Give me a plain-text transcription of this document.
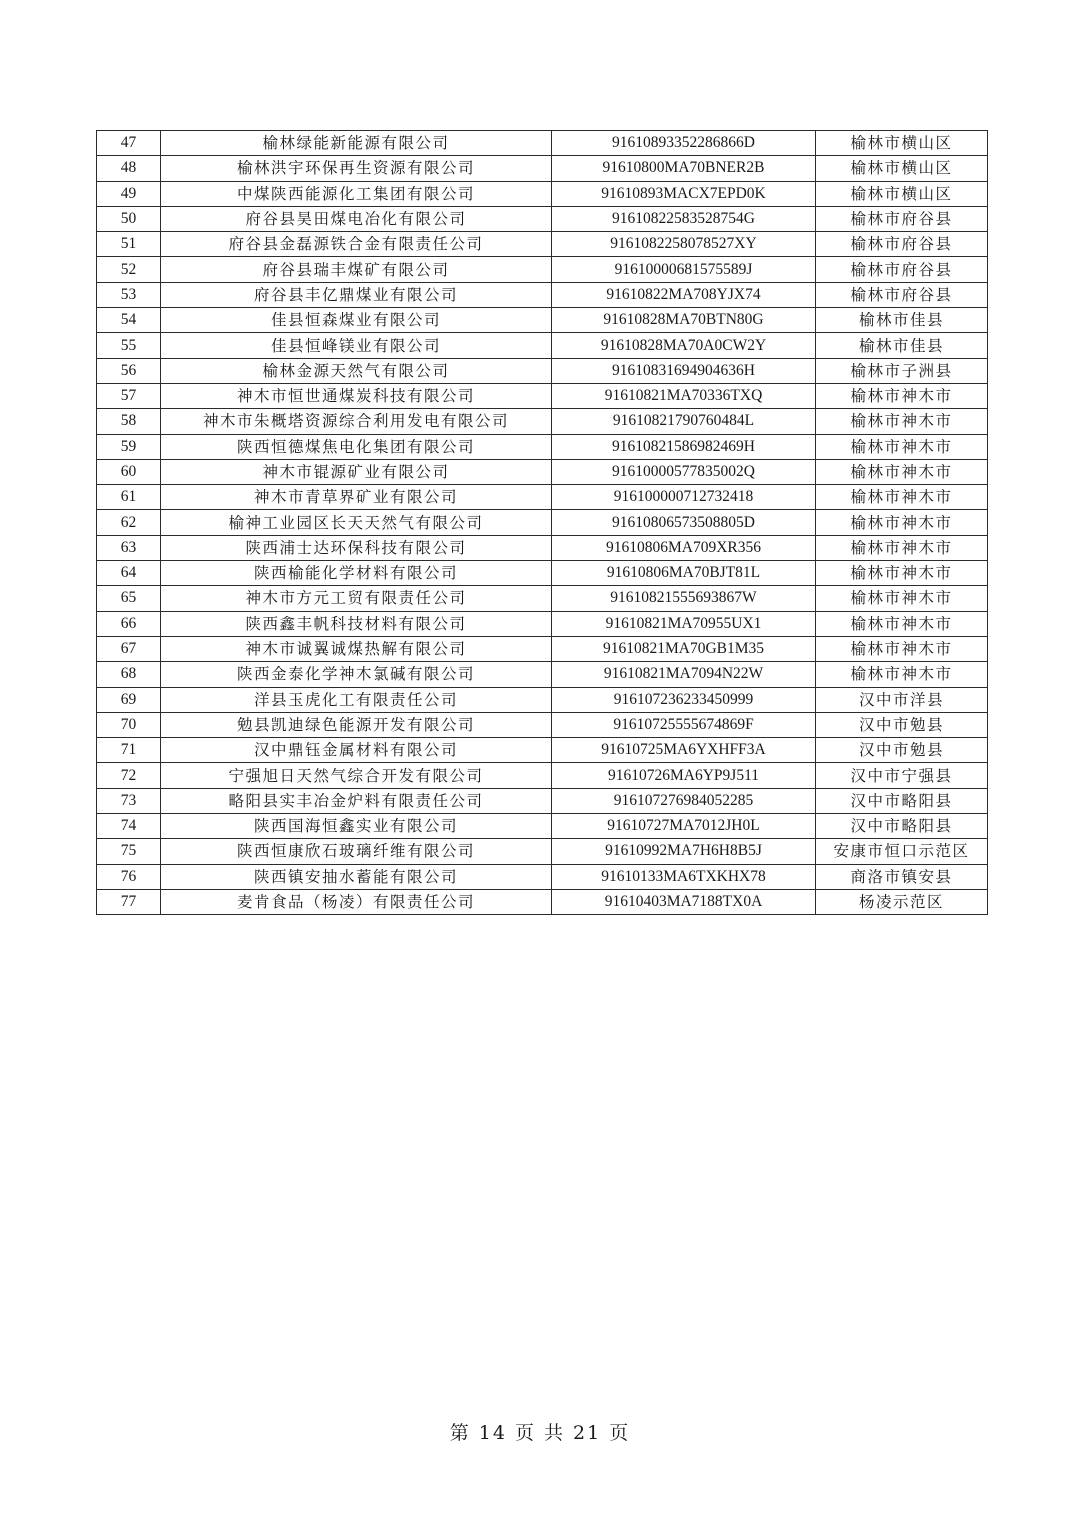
47	榆林绿能新能源有限公司	91610893352286866D	榆林市横山区
48	榆林洪宇环保再生资源有限公司	91610800MA70BNER2B	榆林市横山区
49	中煤陕西能源化工集团有限公司	91610893MACX7EPD0K	榆林市横山区
50	府谷县昊田煤电冶化有限公司	91610822583528754G	榆林市府谷县
51	府谷县金磊源铁合金有限责任公司	9161082258078527XY	榆林市府谷县
52	府谷县瑞丰煤矿有限公司	91610000681575589J	榆林市府谷县
53	府谷县丰亿鼎煤业有限公司	91610822MA708YJX74	榆林市府谷县
54	佳县恒森煤业有限公司	91610828MA70BTN80G	榆林市佳县
55	佳县恒峰镁业有限公司	91610828MA70A0CW2Y	榆林市佳县
56	榆林金源天然气有限公司	91610831694904636H	榆林市子洲县
57	神木市恒世通煤炭科技有限公司	91610821MA70336TXQ	榆林市神木市
58	神木市朱概塔资源综合利用发电有限公司	91610821790760484L	榆林市神木市
59	陕西恒德煤焦电化集团有限公司	91610821586982469H	榆林市神木市
60	神木市锟源矿业有限公司	91610000577835002Q	榆林市神木市
61	神木市青草界矿业有限公司	916100000712732418	榆林市神木市
62	榆神工业园区长天天然气有限公司	91610806573508805D	榆林市神木市
63	陕西浦士达环保科技有限公司	91610806MA709XR356	榆林市神木市
64	陕西榆能化学材料有限公司	91610806MA70BJT81L	榆林市神木市
65	神木市方元工贸有限责任公司	91610821555693867W	榆林市神木市
66	陕西鑫丰帆科技材料有限公司	91610821MA70955UX1	榆林市神木市
67	神木市诚翼诚煤热解有限公司	91610821MA70GB1M35	榆林市神木市
68	陕西金泰化学神木氯碱有限公司	91610821MA7094N22W	榆林市神木市
69	洋县玉虎化工有限责任公司	916107236233450999	汉中市洋县
70	勉县凯迪绿色能源开发有限公司	91610725555674869F	汉中市勉县
71	汉中鼎钰金属材料有限公司	91610725MA6YXHFF3A	汉中市勉县
72	宁强旭日天然气综合开发有限公司	91610726MA6YP9J511	汉中市宁强县
73	略阳县实丰冶金炉料有限责任公司	916107276984052285	汉中市略阳县
74	陕西国海恒鑫实业有限公司	91610727MA7012JH0L	汉中市略阳县
75	陕西恒康欣石玻璃纤维有限公司	91610992MA7H6H8B5J	安康市恒口示范区
76	陕西镇安抽水蓄能有限公司	91610133MA6TXKHX78	商洛市镇安县
77	麦肯食品（杨凌）有限责任公司	91610403MA7188TX0A	杨凌示范区
第 14 页 共 21 页
